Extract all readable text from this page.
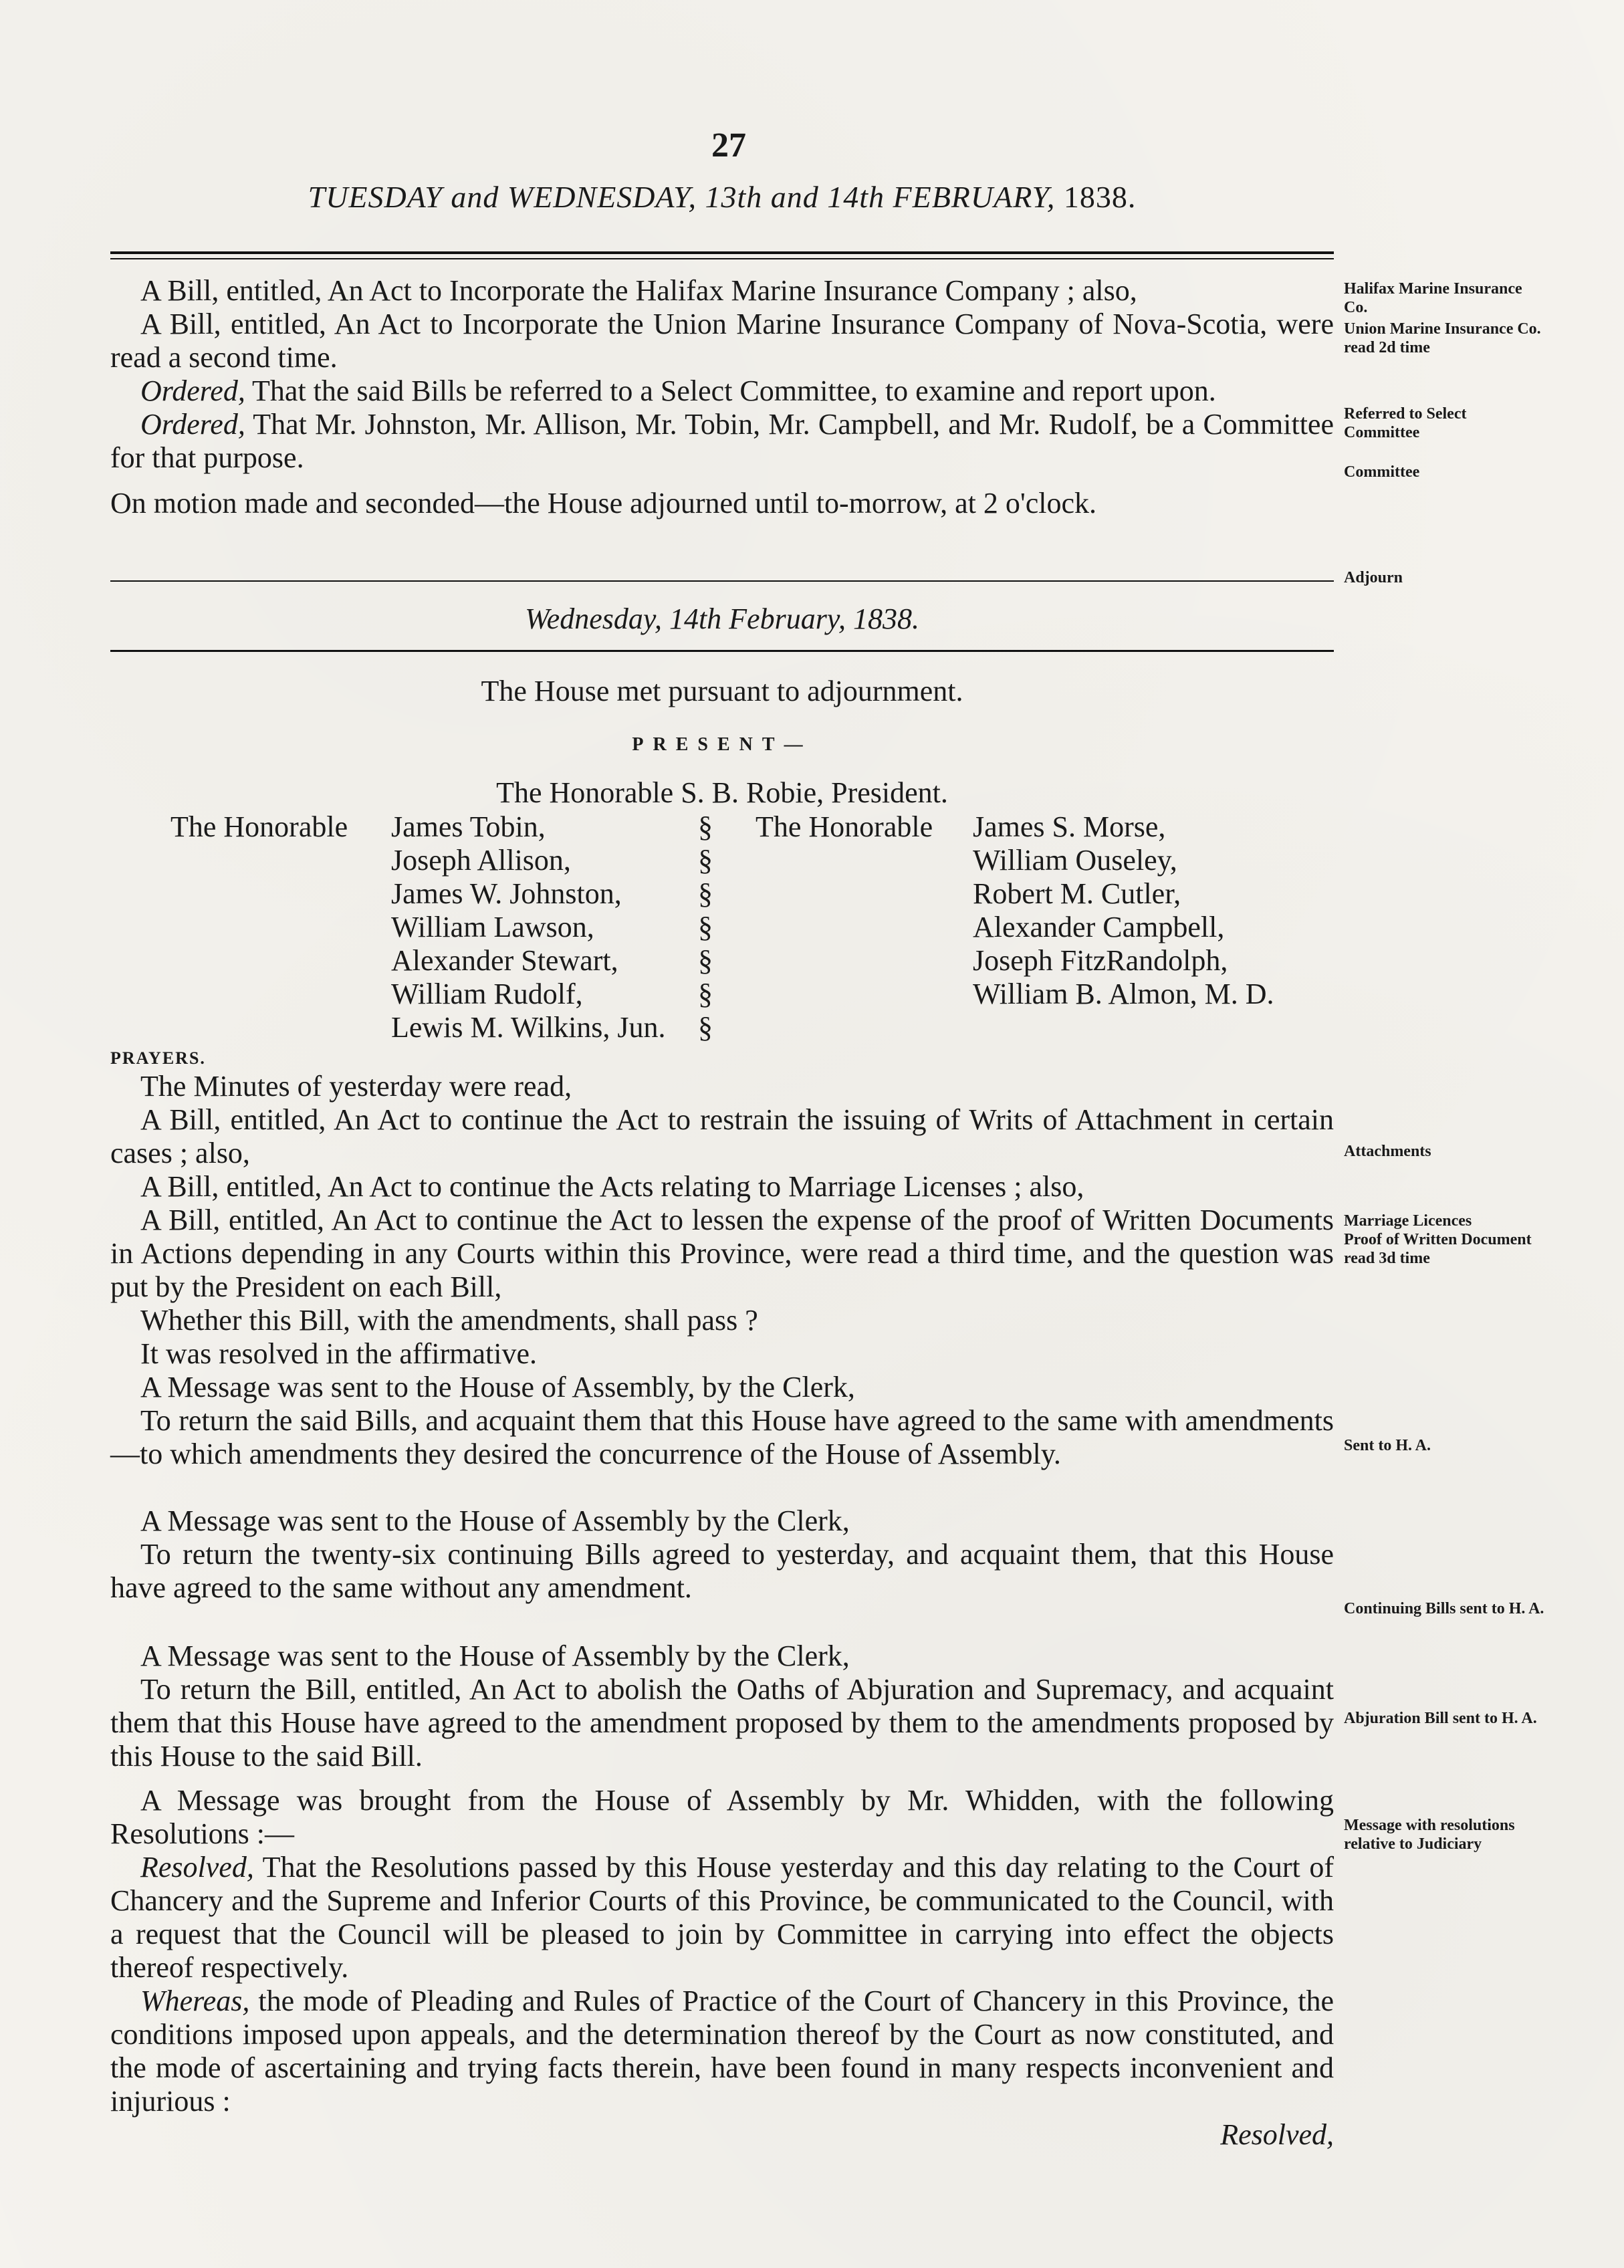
27
TUESDAY and WEDNESDAY, 13th and 14th FEBRUARY, 1838.

A Bill, entitled, An Act to Incorporate the Halifax Marine Insurance Company ; also,

A Bill, entitled, An Act to Incorporate the Union Marine Insurance Company of Nova-Scotia, were read a second time.

Ordered, That the said Bills be referred to a Select Committee, to examine and report upon.

Ordered, That Mr. Johnston, Mr. Allison, Mr. Tobin, Mr. Campbell, and Mr. Rudolf, be a Committee for that purpose.

On motion made and seconded—the House adjourned until to-morrow, at 2 o'clock.

Wednesday, 14th February, 1838.
The House met pursuant to adjournment.
PRESENT—
The Honorable S. B. Robie, President.
The Honorable James Tobin,
Joseph Allison,
James W. Johnston,
William Lawson,
Alexander Stewart,
William Rudolf,
Lewis M. Wilkins, Jun.
§
§
§
§
§
§
§
The Honorable James S. Morse,
William Ouseley,
Robert M. Cutler,
Alexander Campbell,
Joseph FitzRandolph,
William B. Almon, M. D.
PRAYERS.

The Minutes of yesterday were read,

A Bill, entitled, An Act to continue the Act to restrain the issuing of Writs of Attachment in certain cases ; also,

A Bill, entitled, An Act to continue the Acts relating to Marriage Licenses ; also,

A Bill, entitled, An Act to continue the Act to lessen the expense of the proof of Written Documents in Actions depending in any Courts within this Province, were read a third time, and the question was put by the President on each Bill,

Whether this Bill, with the amendments, shall pass ?

It was resolved in the affirmative.

A Message was sent to the House of Assembly, by the Clerk,

To return the said Bills, and acquaint them that this House have agreed to the same with amendments—to which amendments they desired the concurrence of the House of Assembly.

A Message was sent to the House of Assembly by the Clerk,

To return the twenty-six continuing Bills agreed to yesterday, and acquaint them, that this House have agreed to the same without any amendment.

A Message was sent to the House of Assembly by the Clerk,

To return the Bill, entitled, An Act to abolish the Oaths of Abjuration and Supremacy, and acquaint them that this House have agreed to the amendment proposed by them to the amendments proposed by this House to the said Bill.

A Message was brought from the House of Assembly by Mr. Whidden, with the following Resolutions :—

Resolved, That the Resolutions passed by this House yesterday and this day relating to the Court of Chancery and the Supreme and Inferior Courts of this Province, be communicated to the Council, with a request that the Council will be pleased to join by Committee in carrying into effect the objects thereof respectively.

Whereas, the mode of Pleading and Rules of Practice of the Court of Chancery in this Province, the conditions imposed upon appeals, and the determination thereof by the Court as now constituted, and the mode of ascertaining and trying facts therein, have been found in many respects inconvenient and injurious :

Resolved,

Halifax Marine Insurance Co.
Union Marine Insurance Co. read 2d time
Referred to Select Committee
Committee
Adjourn
Attachments
Marriage Licences
Proof of Written Document read 3d time
Sent to H. A.
Continuing Bills sent to H. A.
Abjuration Bill sent to H. A.
Message with resolutions relative to Judiciary
